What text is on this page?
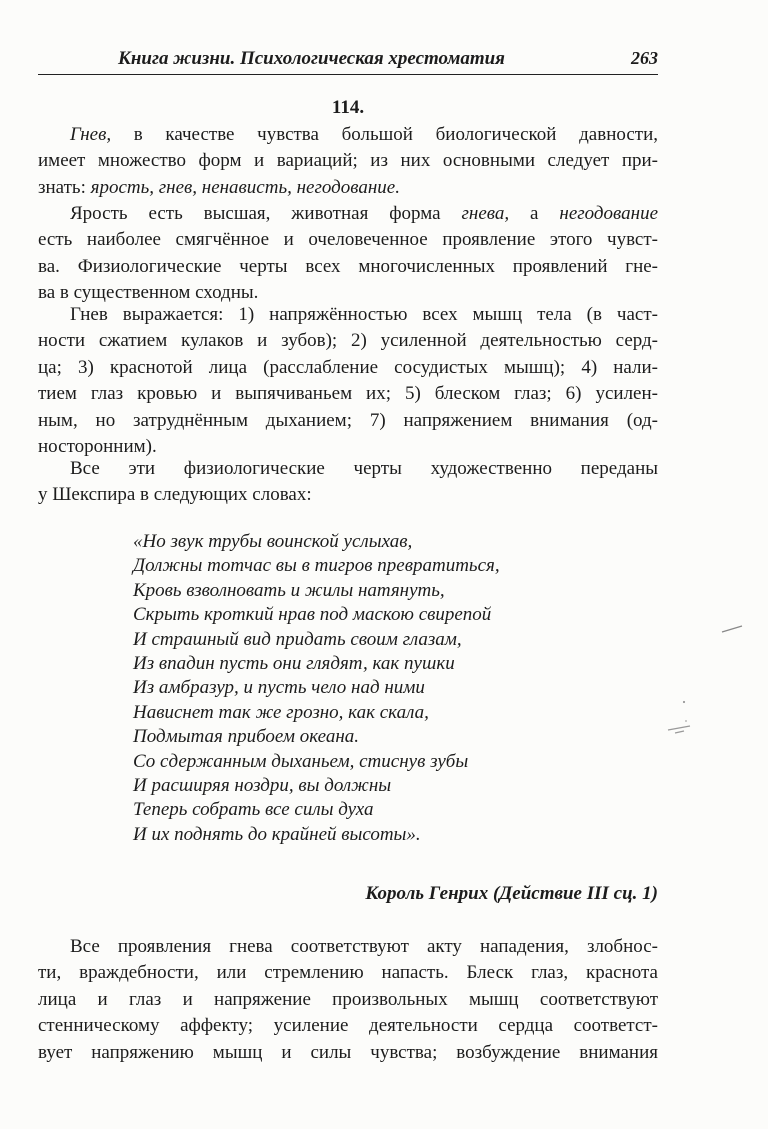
Книга жизни. Психологическая хрестоматия	263
114.
Гнев, в качестве чувства большой биологической давности,
имеет множество форм и вариаций; из них основными следует при-
знать: ярость, гнев, ненависть, негодование.
Ярость есть высшая, животная форма гнева, а негодование
есть наиболее смягчённое и очеловеченное проявление этого чувст-
ва. Физиологические черты всех многочисленных проявлений гне-
ва в существенном сходны.
Гнев выражается: 1) напряжённостью всех мышц тела (в част-
ности сжатием кулаков и зубов); 2) усиленной деятельностью серд-
ца; 3) краснотой лица (расслабление сосудистых мышц); 4) нали-
тием глаз кровью и выпячиваньем их; 5) блеском глаз; 6) усилен-
ным, но затруднённым дыханием; 7) напряжением внимания (од-
носторонним).
Все эти физиологические черты художественно переданы
у Шекспира в следующих словах:
«Но звук трубы воинской услыхав,
Должны тотчас вы в тигров превратиться,
Кровь взволновать и жилы натянуть,
Скрыть кроткий нрав под маскою свирепой
И страшный вид придать своим глазам,
Из впадин пусть они глядят, как пушки
Из амбразур, и пусть чело над ними
Нависнет так же грозно, как скала,
Подмытая прибоем океана.
Со сдержанным дыханьем, стиснув зубы
И расширяя ноздри, вы должны
Теперь собрать все силы духа
И их поднять до крайней высоты».
Король Генрих (Действие III сц. 1)
Все проявления гнева соответствуют акту нападения, злобнос-
ти, враждебности, или стремлению напасть. Блеск глаз, краснота
лица и глаз и напряжение произвольных мышц соответствуют
стенническому аффекту; усиление деятельности сердца соответст-
вует напряжению мышц и силы чувства; возбуждение внимания
